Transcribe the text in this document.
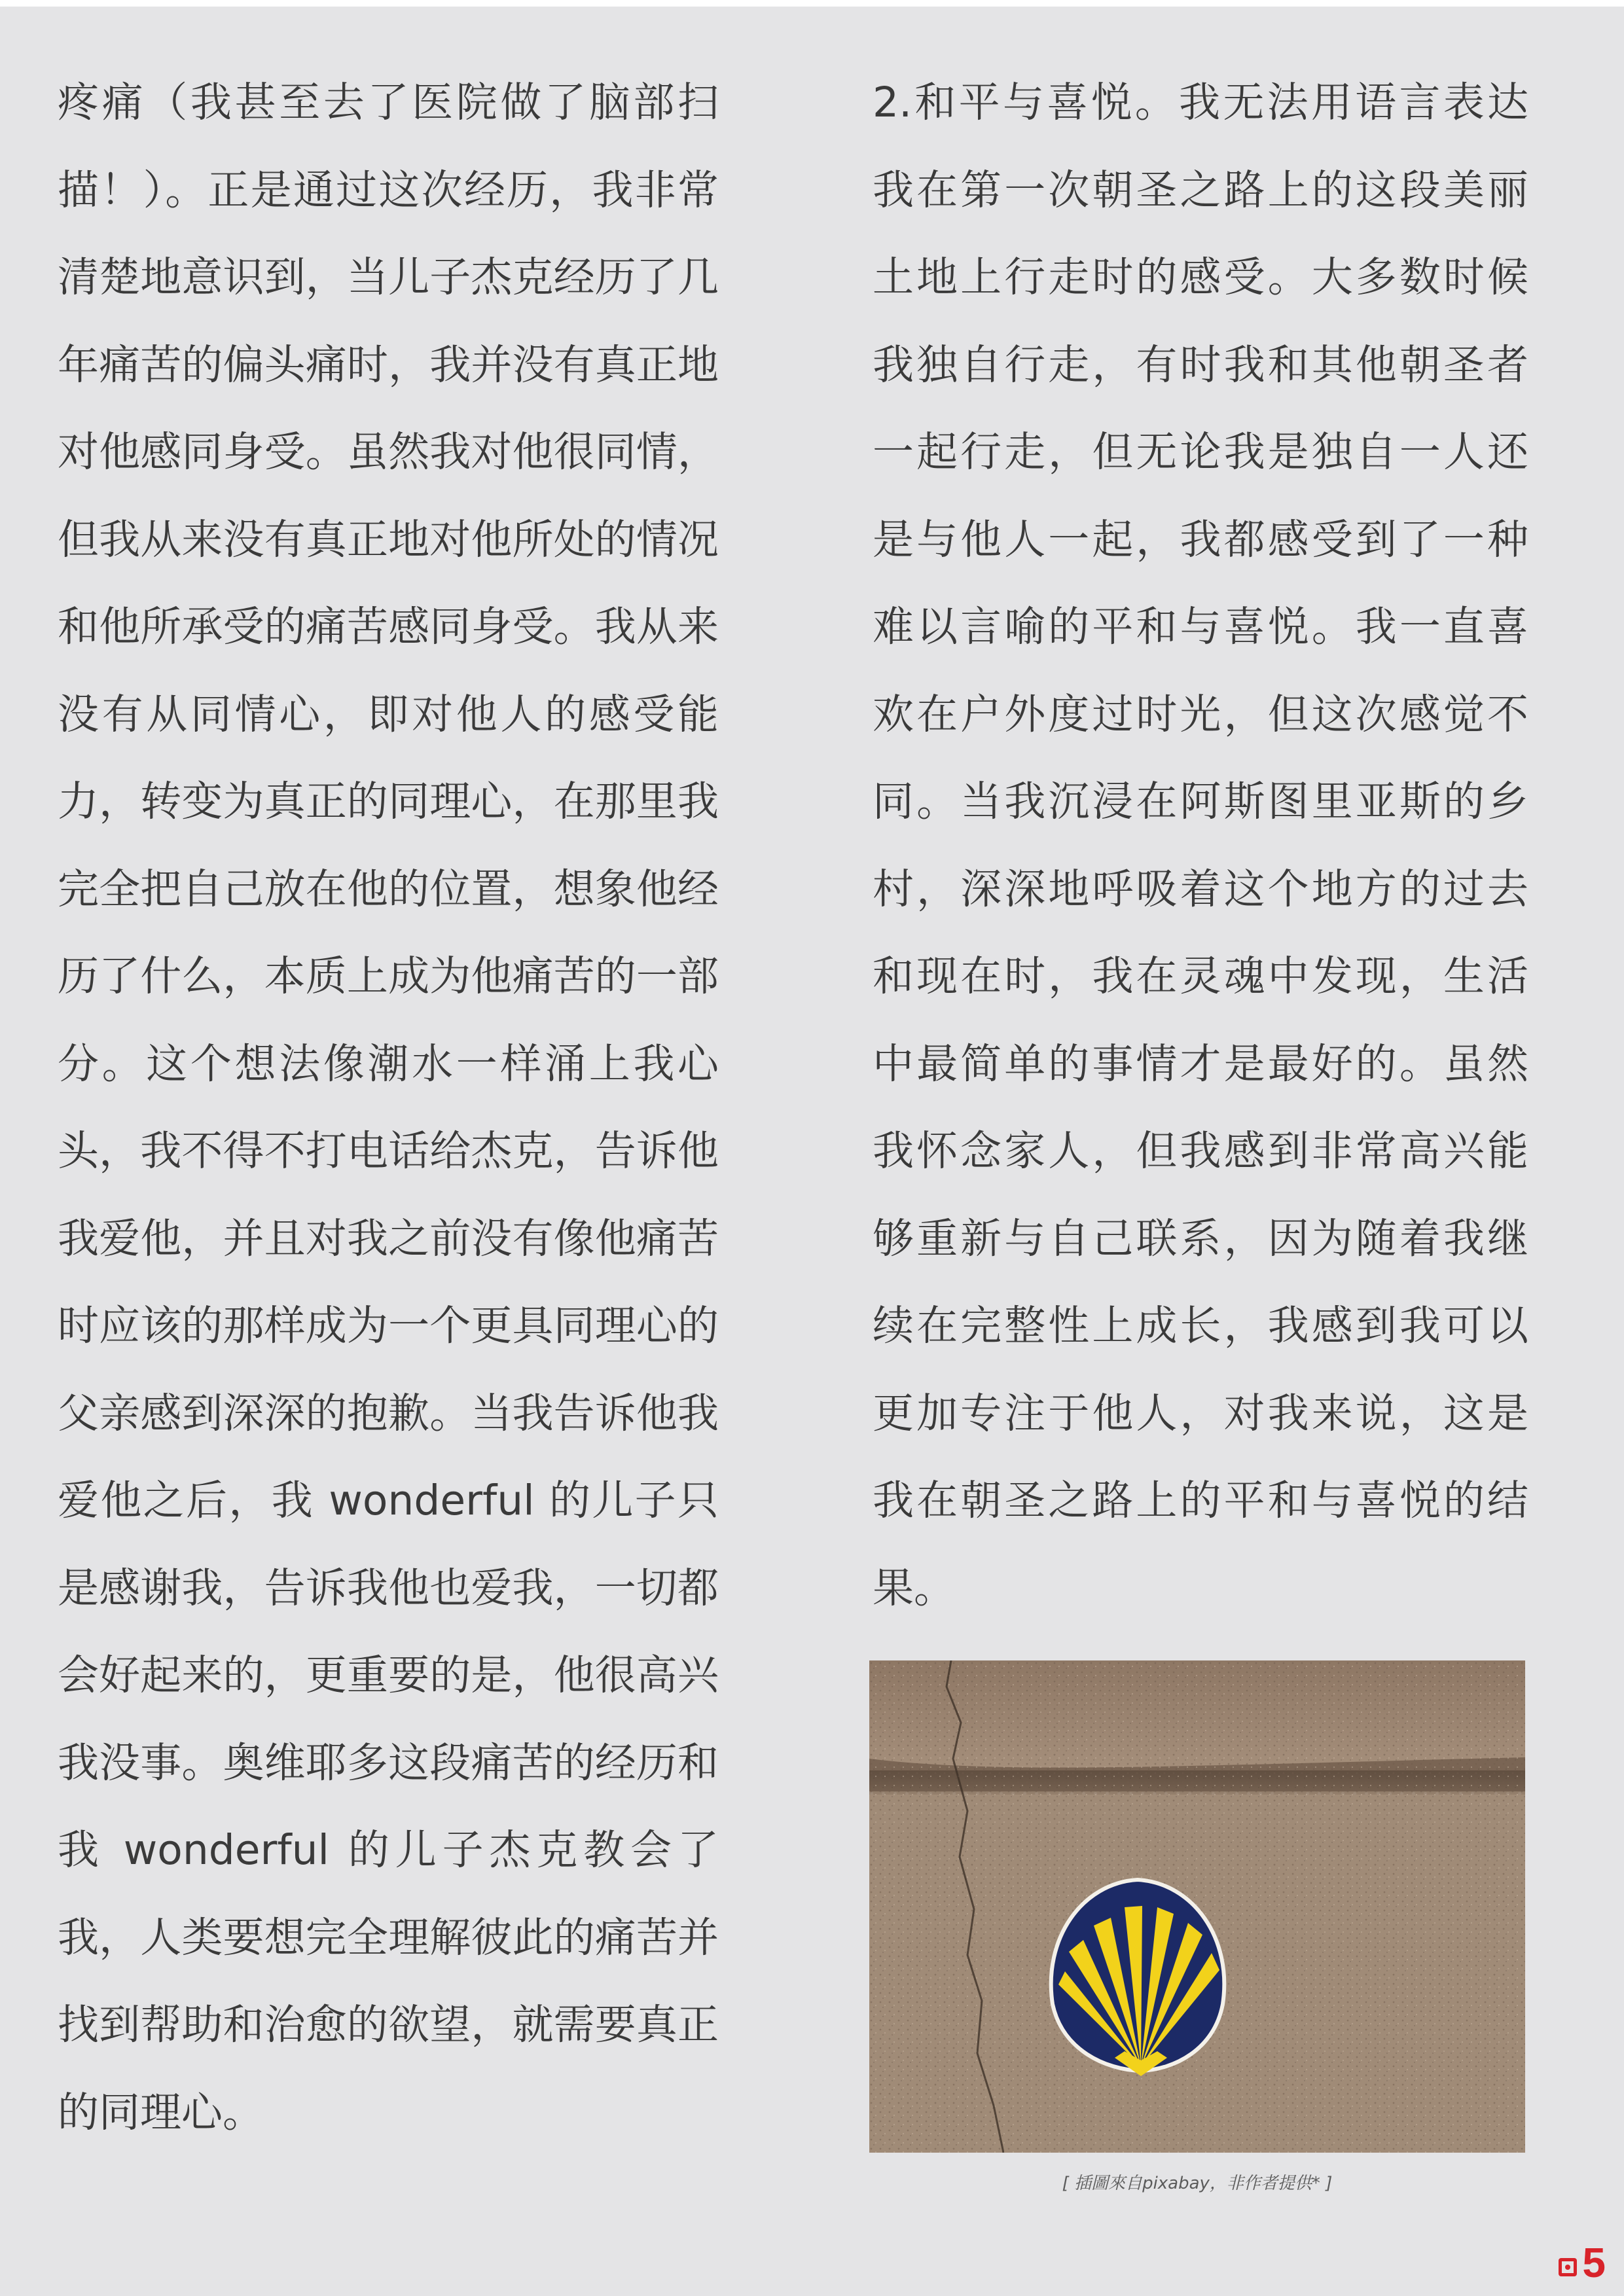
疼痛（我甚至去了医院做了脑部扫描！）。正是通过这次经历，我非常清楚地意识到，当儿子杰克经历了几年痛苦的偏头痛时，我并没有真正地对他感同身受。虽然我对他很同情，但我从来没有真正地对他所处的情况和他所承受的痛苦感同身受。我从来没有从同情心，即对他人的感受能力，转变为真正的同理心，在那里我完全把自己放在他的位置，想象他经历了什么，本质上成为他痛苦的一部分。这个想法像潮水一样涌上我心头，我不得不打电话给杰克，告诉他我爱他，并且对我之前没有像他痛苦时应该的那样成为一个更具同理心的父亲感到深深的抱歉。当我告诉他我爱他之后，我 wonderful 的儿子只是感谢我，告诉我他也爱我，一切都会好起来的，更重要的是，他很高兴我没事。奥维耶多这段痛苦的经历和我 wonderful 的儿子杰克教会了我，人类要想完全理解彼此的痛苦并找到帮助和治愈的欲望，就需要真正的同理心。

2.和平与喜悦。我无法用语言表达我在第一次朝圣之路上的这段美丽土地上行走时的感受。大多数时候我独自行走，有时我和其他朝圣者一起行走，但无论我是独自一人还是与他人一起，我都感受到了一种难以言喻的平和与喜悦。我一直喜欢在户外度过时光，但这次感觉不同。当我沉浸在阿斯图里亚斯的乡村，深深地呼吸着这个地方的过去和现在时，我在灵魂中发现，生活中最简单的事情才是最好的。虽然我怀念家人，但我感到非常高兴能够重新与自己联系，因为随着我继续在完整性上成长，我感到我可以更加专注于他人，对我来说，这是我在朝圣之路上的平和与喜悦的结果。

[ 插圖來自pixabay，非作者提供* ]
5
